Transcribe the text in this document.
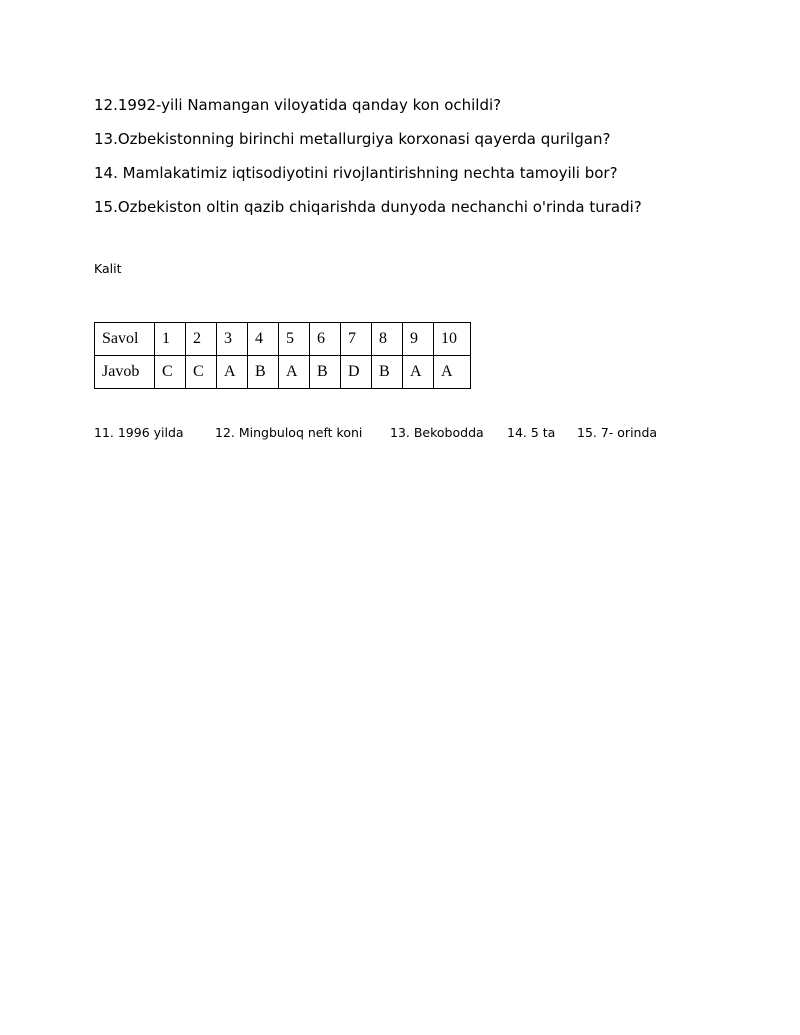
12.1992-yili Namangan viloyatida qanday kon ochildi?

13.Ozbekistonning birinchi metallurgiya korxonasi qayerda qurilgan?

14. Mamlakatimiz iqtisodiyotini rivojlantirishning nechta tamoyili bor?

15.Ozbekiston oltin qazib chiqarishda dunyoda nechanchi o'rinda turadi?

Kalit

Savol	1	2	3	4	5	6	7	8	9	10
Javob	C	C	A	B	A	B	D	B	A	A

11. 1996 yilda	12. Mingbuloq neft koni 13. Bekobodda 14. 5 ta 15. 7- orinda
